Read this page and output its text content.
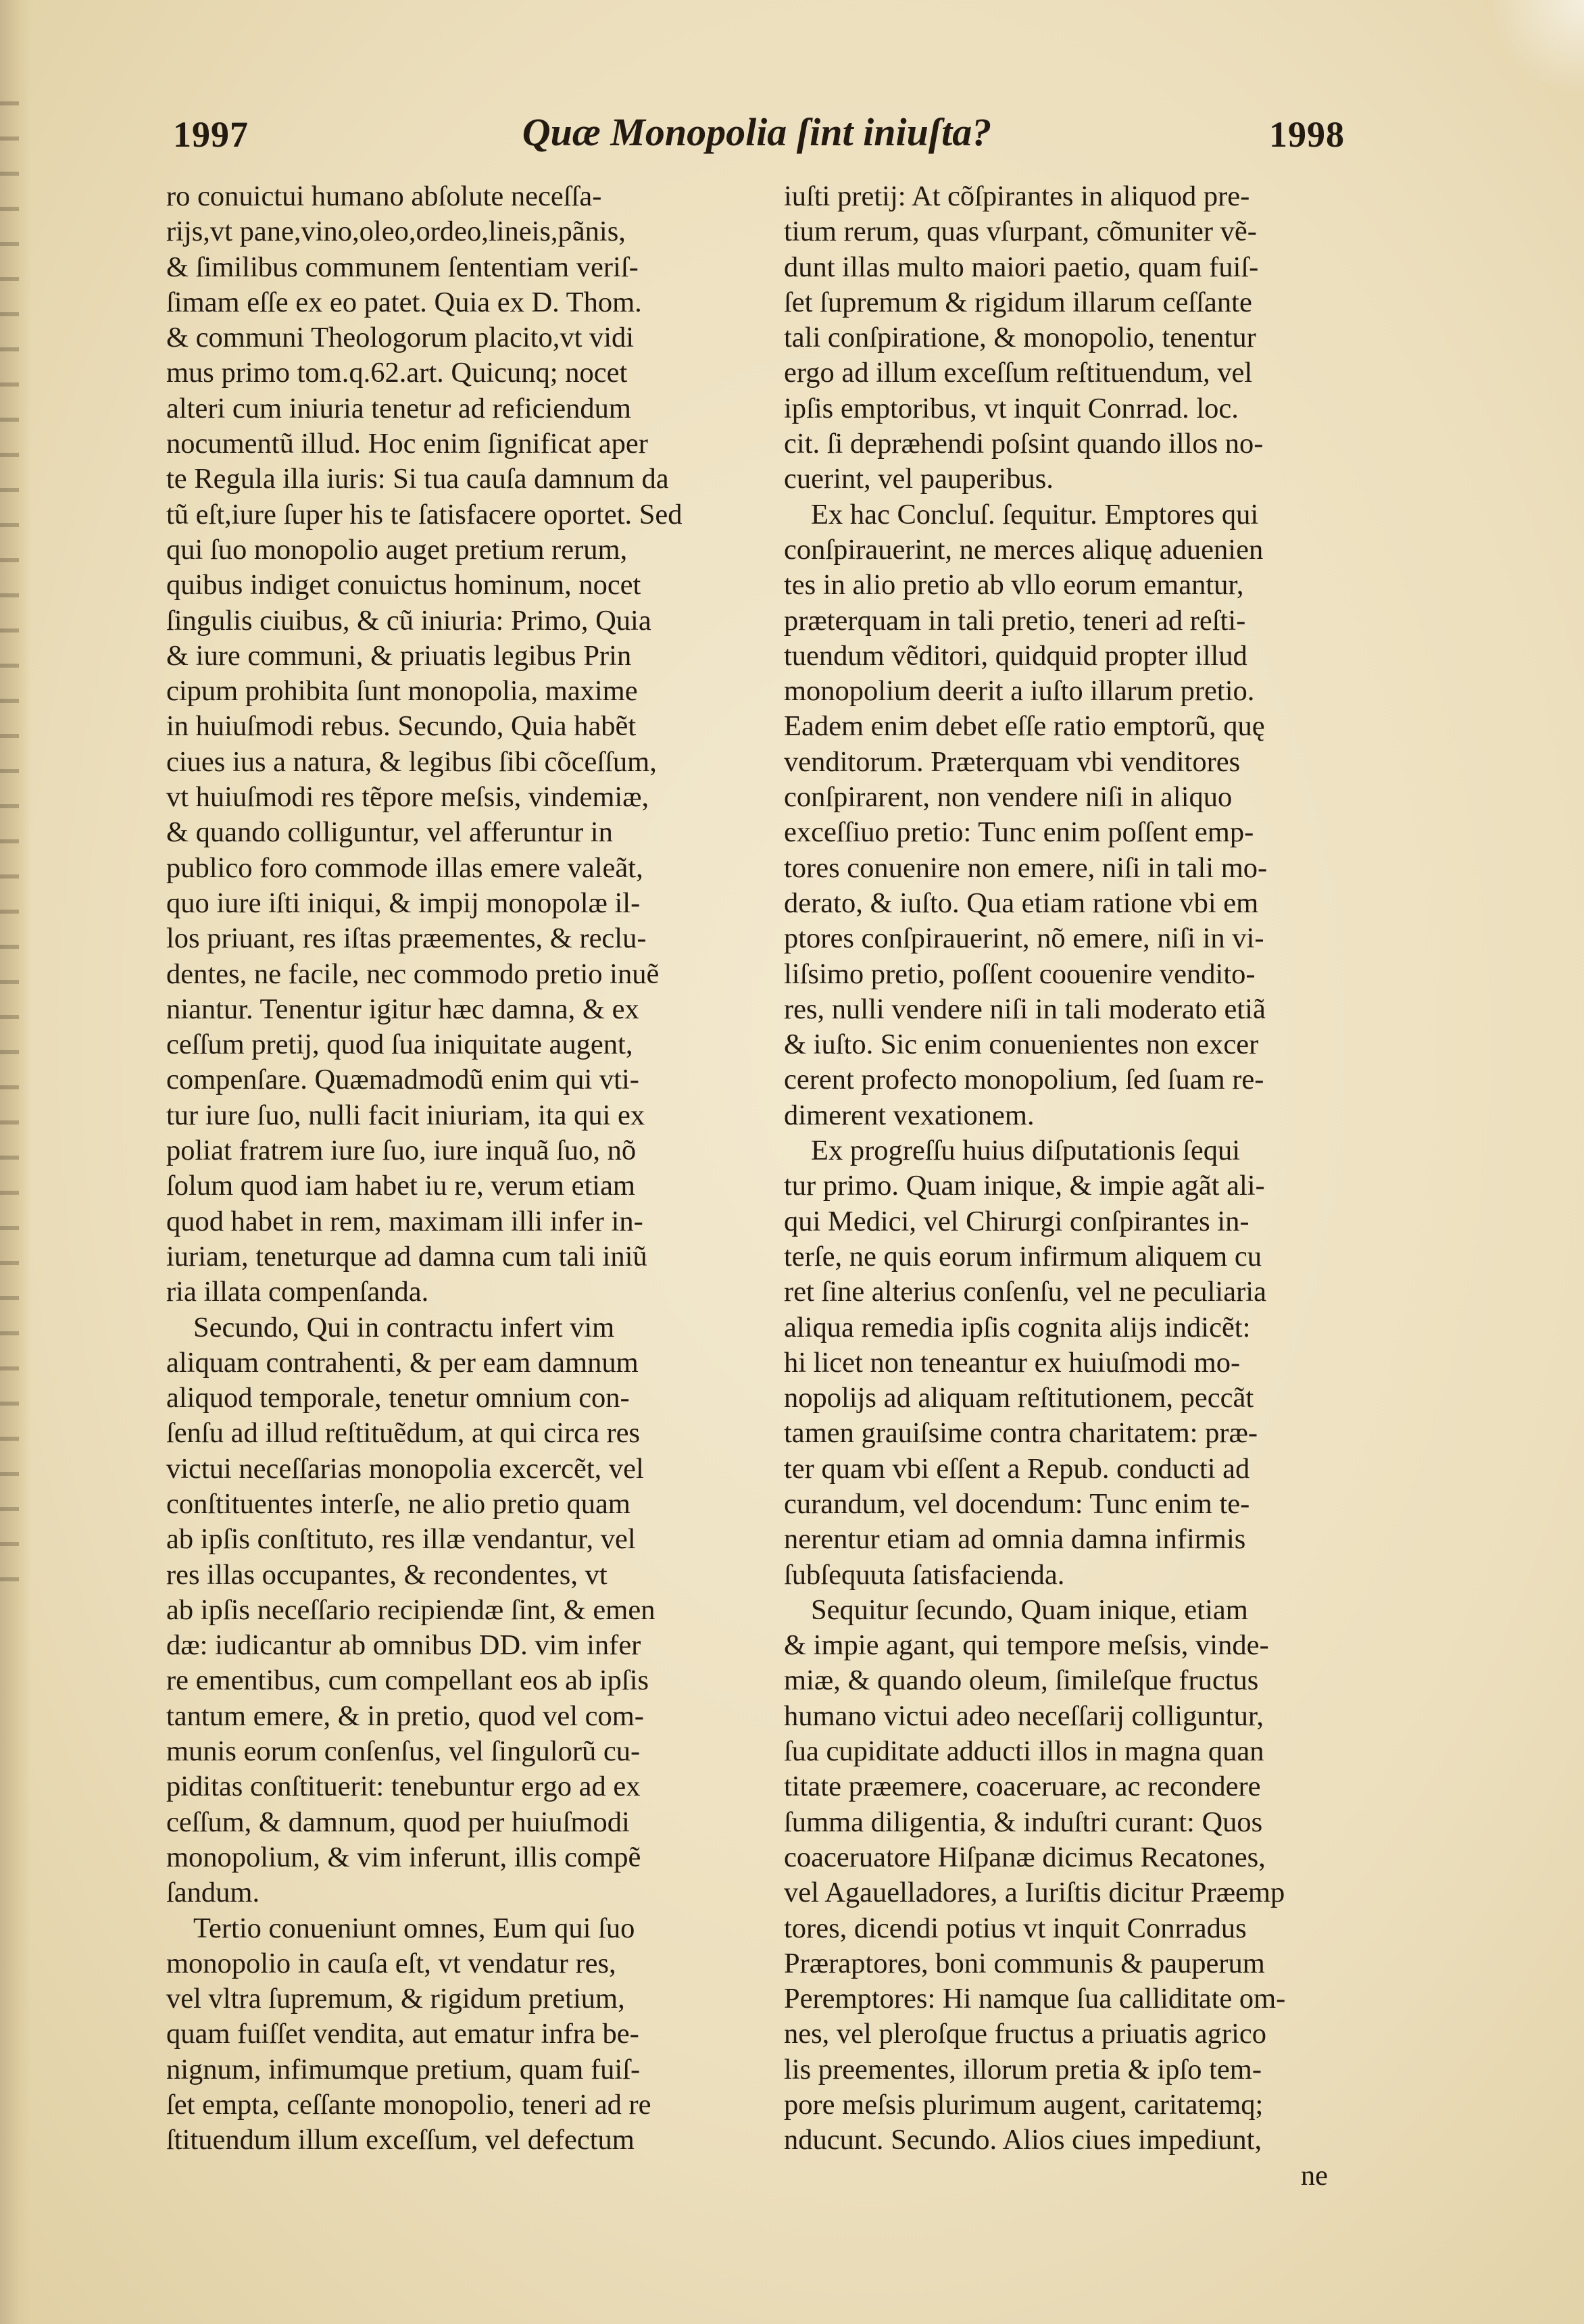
1997	Quæ Monopolia ſint iniuſta?	1998
ro conuictui humano abſolute neceſſa-
rijs,vt pane,vino,oleo,ordeo,lineis,pãnis,
& ſimilibus communem ſententiam veriſ-
ſimam eſſe ex eo patet. Quia ex D. Thom.
& communi Theologorum placito,vt vidi
mus primo tom.q.62.art. Quicunq; nocet
alteri cum iniuria tenetur ad reficiendum
nocumentũ illud. Hoc enim ſignificat aper
te Regula illa iuris: Si tua cauſa damnum da
tũ eſt,iure ſuper his te ſatisfacere oportet. Sed
qui ſuo monopolio auget pretium rerum,
quibus indiget conuictus hominum, nocet
ſingulis ciuibus, & cũ iniuria: Primo, Quia
& iure communi, & priuatis legibus Prin
cipum prohibita ſunt monopolia, maxime
in huiuſmodi rebus. Secundo, Quia habẽt
ciues ius a natura, & legibus ſibi cõceſſum,
vt huiuſmodi res tẽpore meſsis, vindemiæ,
& quando colliguntur, vel afferuntur in
publico foro commode illas emere valeãt,
quo iure iſti iniqui, & impij monopolæ il-
los priuant, res iſtas præementes, & reclu-
dentes, ne facile, nec commodo pretio inuẽ
niantur. Tenentur igitur hæc damna, & ex
ceſſum pretij, quod ſua iniquitate augent,
compenſare. Quæmadmodũ enim qui vti-
tur iure ſuo, nulli facit iniuriam, ita qui ex
poliat fratrem iure ſuo, iure inquã ſuo, nõ
ſolum quod iam habet iu re, verum etiam
quod habet in rem, maximam illi infer in-
iuriam, teneturque ad damna cum tali iniũ
ria illata compenſanda.
Secundo, Qui in contractu infert vim
aliquam contrahenti, & per eam damnum
aliquod temporale, tenetur omnium con-
ſenſu ad illud reſtituẽdum, at qui circa res
victui neceſſarias monopolia excercẽt, vel
conſtituentes interſe, ne alio pretio quam
ab ipſis conſtituto, res illæ vendantur, vel
res illas occupantes, & recondentes, vt
ab ipſis neceſſario recipiendæ ſint, & emen
dæ: iudicantur ab omnibus DD. vim infer
re ementibus, cum compellant eos ab ipſis
tantum emere, & in pretio, quod vel com-
munis eorum conſenſus, vel ſingulorũ cu-
piditas conſtituerit: tenebuntur ergo ad ex
ceſſum, & damnum, quod per huiuſmodi
monopolium, & vim inferunt, illis compẽ
ſandum.
Tertio conueniunt omnes, Eum qui ſuo
monopolio in cauſa eſt, vt vendatur res,
vel vltra ſupremum, & rigidum pretium,
quam fuiſſet vendita, aut ematur infra be-
nignum, infimumque pretium, quam fuiſ-
ſet empta, ceſſante monopolio, teneri ad re
ſtituendum illum exceſſum, vel defectum
iuſti pretij: At cõſpirantes in aliquod pre-
tium rerum, quas vſurpant, cõmuniter vẽ-
dunt illas multo maiori paetio, quam fuiſ-
ſet ſupremum & rigidum illarum ceſſante
tali conſpiratione, & monopolio, tenentur
ergo ad illum exceſſum reſtituendum, vel
ipſis emptoribus, vt inquit Conrrad. loc.
cit. ſi depræhendi poſsint quando illos no-
cuerint, vel pauperibus.
Ex hac Concluſ. ſequitur. Emptores qui
conſpirauerint, ne merces aliquę aduenien
tes in alio pretio ab vllo eorum emantur,
præterquam in tali pretio, teneri ad reſti-
tuendum vẽditori, quidquid propter illud
monopolium deerit a iuſto illarum pretio.
Eadem enim debet eſſe ratio emptorũ, quę
venditorum. Præterquam vbi venditores
conſpirarent, non vendere niſi in aliquo
exceſſiuo pretio: Tunc enim poſſent emp-
tores conuenire non emere, niſi in tali mo-
derato, & iuſto. Qua etiam ratione vbi em
ptores conſpirauerint, nõ emere, niſi in vi-
liſsimo pretio, poſſent coouenire vendito-
res, nulli vendere niſi in tali moderato etiã
& iuſto. Sic enim conuenientes non excer
cerent profecto monopolium, ſed ſuam re-
dimerent vexationem.
Ex progreſſu huius diſputationis ſequi
tur primo. Quam inique, & impie agãt ali-
qui Medici, vel Chirurgi conſpirantes in-
terſe, ne quis eorum infirmum aliquem cu
ret ſine alterius conſenſu, vel ne peculiaria
aliqua remedia ipſis cognita alijs indicẽt:
hi licet non teneantur ex huiuſmodi mo-
nopolijs ad aliquam reſtitutionem, peccãt
tamen grauiſsime contra charitatem: præ-
ter quam vbi eſſent a Repub. conducti ad
curandum, vel docendum: Tunc enim te-
nerentur etiam ad omnia damna infirmis
ſubſequuta ſatisfacienda.
Sequitur ſecundo, Quam inique, etiam
& impie agant, qui tempore meſsis, vinde-
miæ, & quando oleum, ſimileſque fructus
humano victui adeo neceſſarij colliguntur,
ſua cupiditate adducti illos in magna quan
titate præemere, coaceruare, ac recondere
ſumma diligentia, & induſtri curant: Quos
coaceruatore Hiſpanæ dicimus Recatones,
vel Agauelladores, a Iuriſtis dicitur Præemp
tores, dicendi potius vt inquit Conrradus
Præraptores, boni communis & pauperum
Peremptores: Hi namque ſua calliditate om-
nes, vel pleroſque fructus a priuatis agrico
lis preementes, illorum pretia & ipſo tem-
pore meſsis plurimum augent, caritatemq;
nducunt. Secundo. Alios ciues impediunt,
ne
